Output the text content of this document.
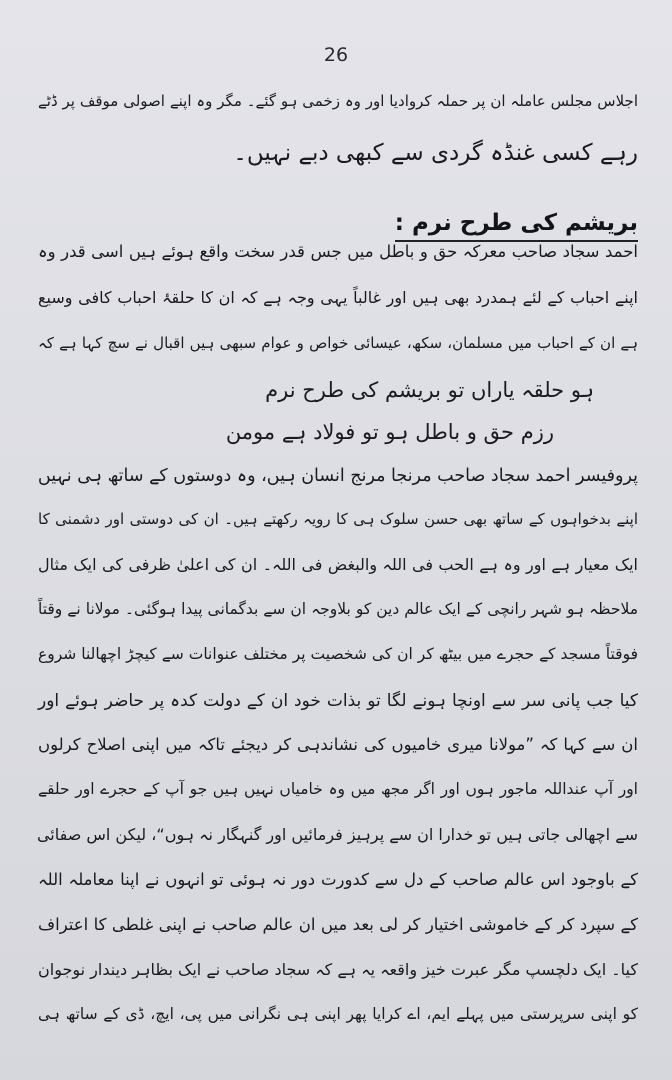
26
اجلاس مجلس عاملہ ان پر حملہ کروادیا اور وہ زخمی ہو گئے۔ مگر وہ اپنے اصولی موقف پر ڈٹے
رہے کسی غنڈہ گردی سے کبھی دبے نہیں۔
بریشم کی طرح نرم :
احمد سجاد صاحب معرکہ حق و باطل میں جس قدر سخت واقع ہوئے ہیں اسی قدر وہ
اپنے احباب کے لئے ہمدرد بھی ہیں اور غالباً یہی وجہ ہے کہ ان کا حلقۂ احباب کافی وسیع
ہے ان کے احباب میں مسلمان، سکھ، عیسائی خواص و عوام سبھی ہیں اقبال نے سچ کہا ہے کہ
ہو حلقہ یاراں تو بریشم کی طرح نرم
رزم حق و باطل ہو تو فولاد ہے مومن
پروفیسر احمد سجاد صاحب مرنجا مرنج انسان ہیں، وہ دوستوں کے ساتھ ہی نہیں
اپنے بدخواہوں کے ساتھ بھی حسن سلوک ہی کا رویہ رکھتے ہیں۔ ان کی دوستی اور دشمنی کا
ایک معیار ہے اور وہ ہے الحب فی اللہ والبغض فی اللہ۔ ان کی اعلیٰ ظرفی کی ایک مثال
ملاحظہ ہو شہر رانچی کے ایک عالم دین کو بلاوجہ ان سے بدگمانی پیدا ہوگئی۔ مولانا نے وقتاً
فوقتاً مسجد کے حجرے میں بیٹھ کر ان کی شخصیت پر مختلف عنوانات سے کیچڑ اچھالنا شروع
کیا جب پانی سر سے اونچا ہونے لگا تو بذات خود ان کے دولت کدہ پر حاضر ہوئے اور
ان سے کہا کہ ”مولانا میری خامیوں کی نشاندہی کر دیجئے تاکہ میں اپنی اصلاح کرلوں
اور آپ عنداللہ ماجور ہوں اور اگر مجھ میں وہ خامیاں نہیں ہیں جو آپ کے حجرے اور حلقے
سے اچھالی جاتی ہیں تو خدارا ان سے پرہیز فرمائیں اور گنہگار نہ ہوں“، لیکن اس صفائی
کے باوجود اس عالم صاحب کے دل سے کدورت دور نہ ہوئی تو انہوں نے اپنا معاملہ اللہ
کے سپرد کر کے خاموشی اختیار کر لی بعد میں ان عالم صاحب نے اپنی غلطی کا اعتراف
کیا۔ ایک دلچسپ مگر عبرت خیز واقعہ یہ ہے کہ سجاد صاحب نے ایک بظاہر دیندار نوجوان
کو اپنی سرپرستی میں پہلے ایم، اے کرایا پھر اپنی ہی نگرانی میں پی، ایچ، ڈی کے ساتھ ہی
